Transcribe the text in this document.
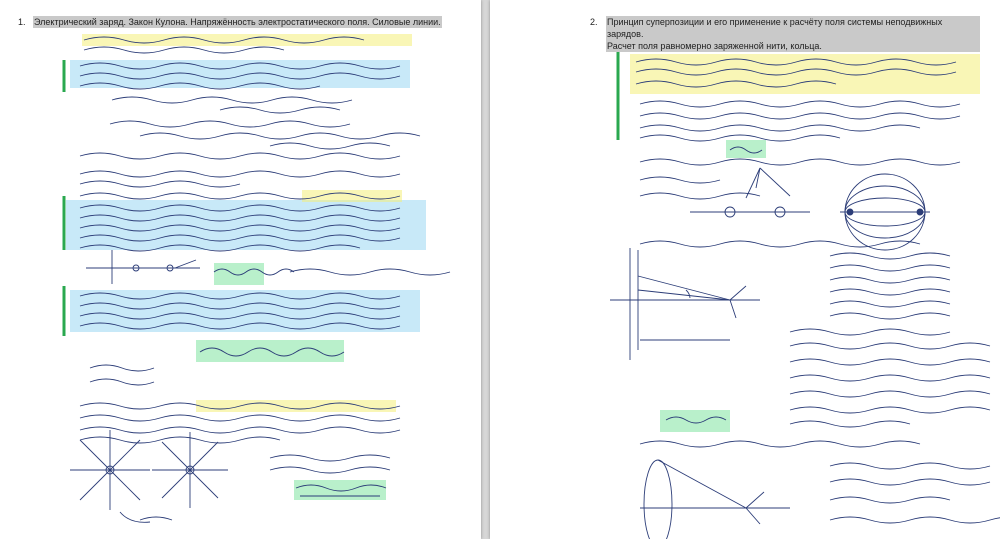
1. Электрический заряд. Закон Кулона. Напряжённость электростатического поля. Силовые линии.	2. Принцип суперпозиции и его применение к расчёту поля системы неподвижных зарядов.
Расчет поля равномерно заряженной нити, кольца.
